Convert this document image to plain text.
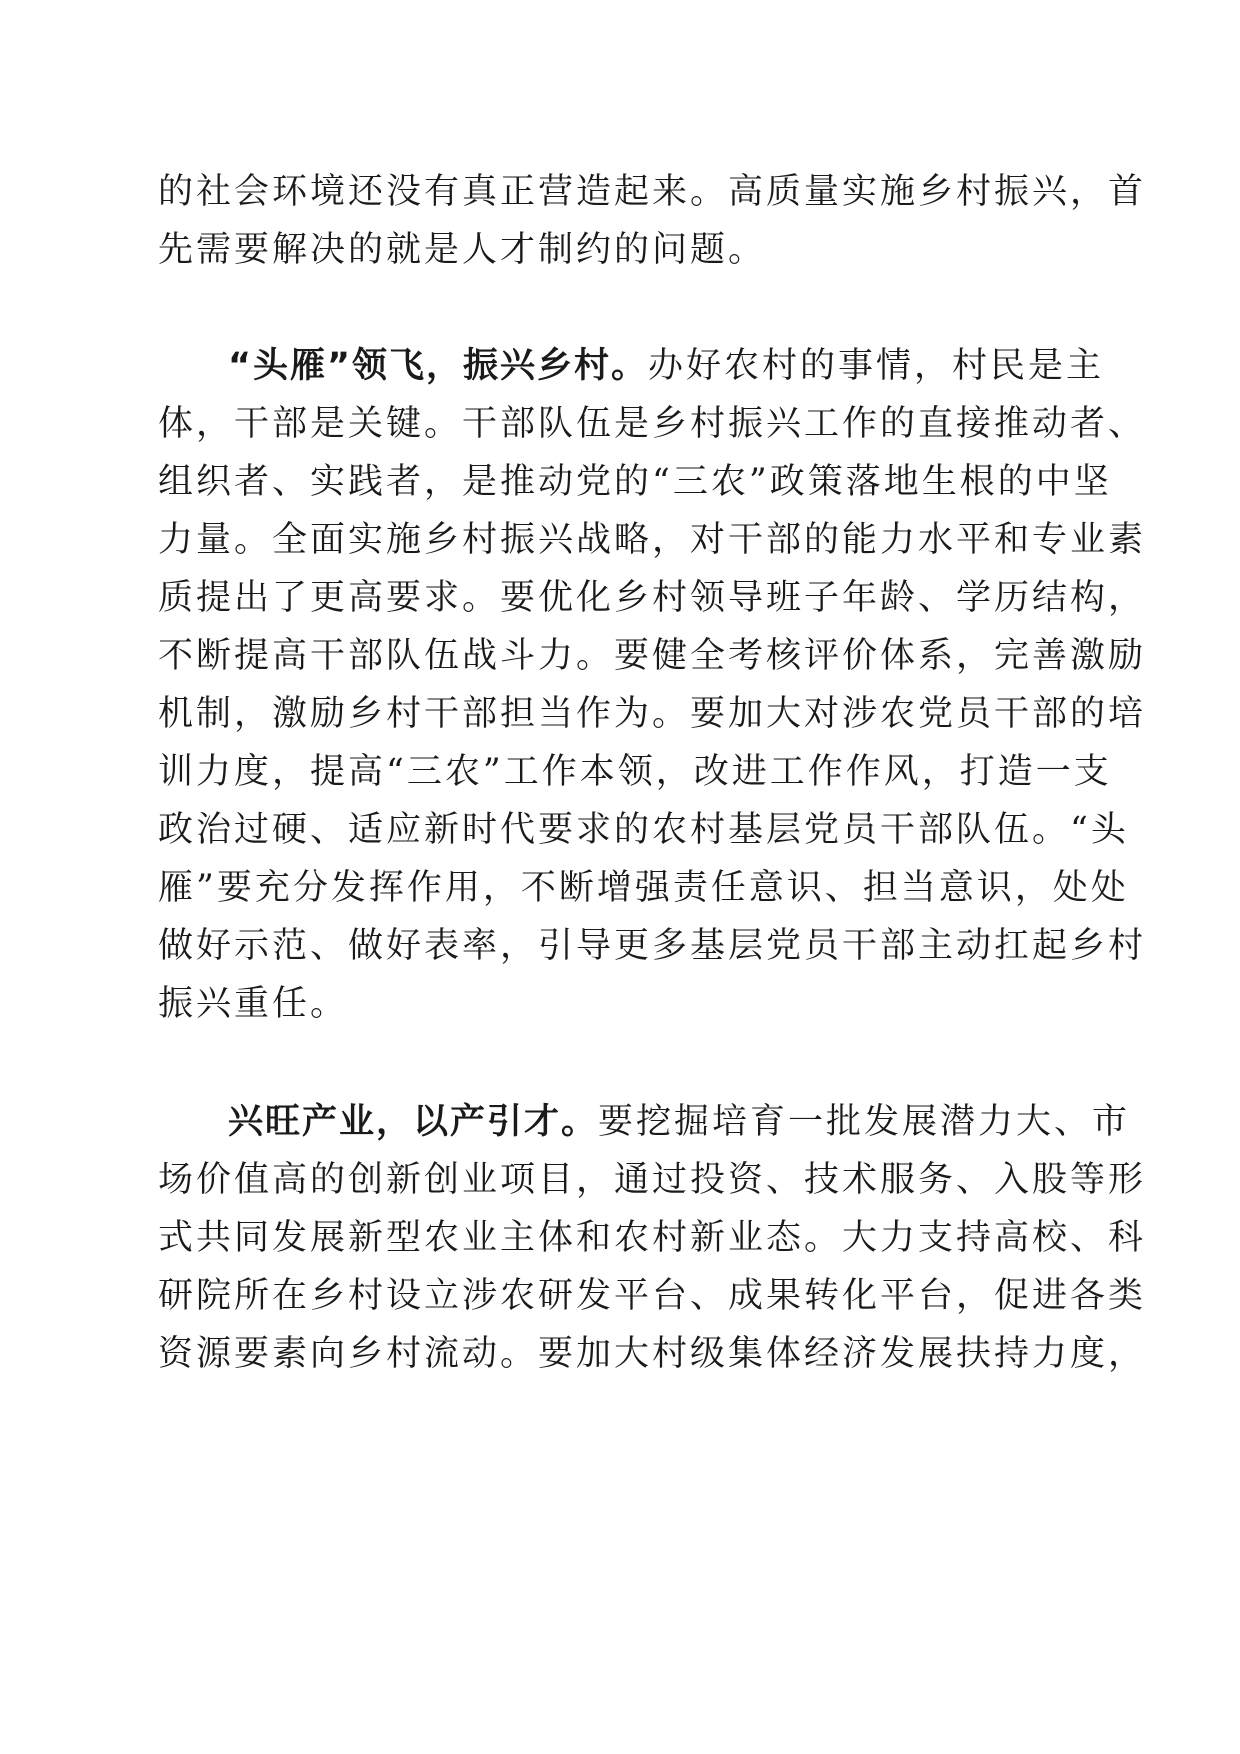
的社会环境还没有真正营造起来。高质量实施乡村振兴，首
先需要解决的就是人才制约的问题。
“头雁”领飞，振兴乡村。办好农村的事情，村民是主
体，干部是关键。干部队伍是乡村振兴工作的直接推动者、
组织者、实践者，是推动党的“三农”政策落地生根的中坚
力量。全面实施乡村振兴战略，对干部的能力水平和专业素
质提出了更高要求。要优化乡村领导班子年龄、学历结构，
不断提高干部队伍战斗力。要健全考核评价体系，完善激励
机制，激励乡村干部担当作为。要加大对涉农党员干部的培
训力度，提高“三农”工作本领，改进工作作风，打造一支
政治过硬、适应新时代要求的农村基层党员干部队伍。“头
雁”要充分发挥作用，不断增强责任意识、担当意识，处处
做好示范、做好表率，引导更多基层党员干部主动扛起乡村
振兴重任。
兴旺产业，以产引才。要挖掘培育一批发展潜力大、市
场价值高的创新创业项目，通过投资、技术服务、入股等形
式共同发展新型农业主体和农村新业态。大力支持高校、科
研院所在乡村设立涉农研发平台、成果转化平台，促进各类
资源要素向乡村流动。要加大村级集体经济发展扶持力度，
